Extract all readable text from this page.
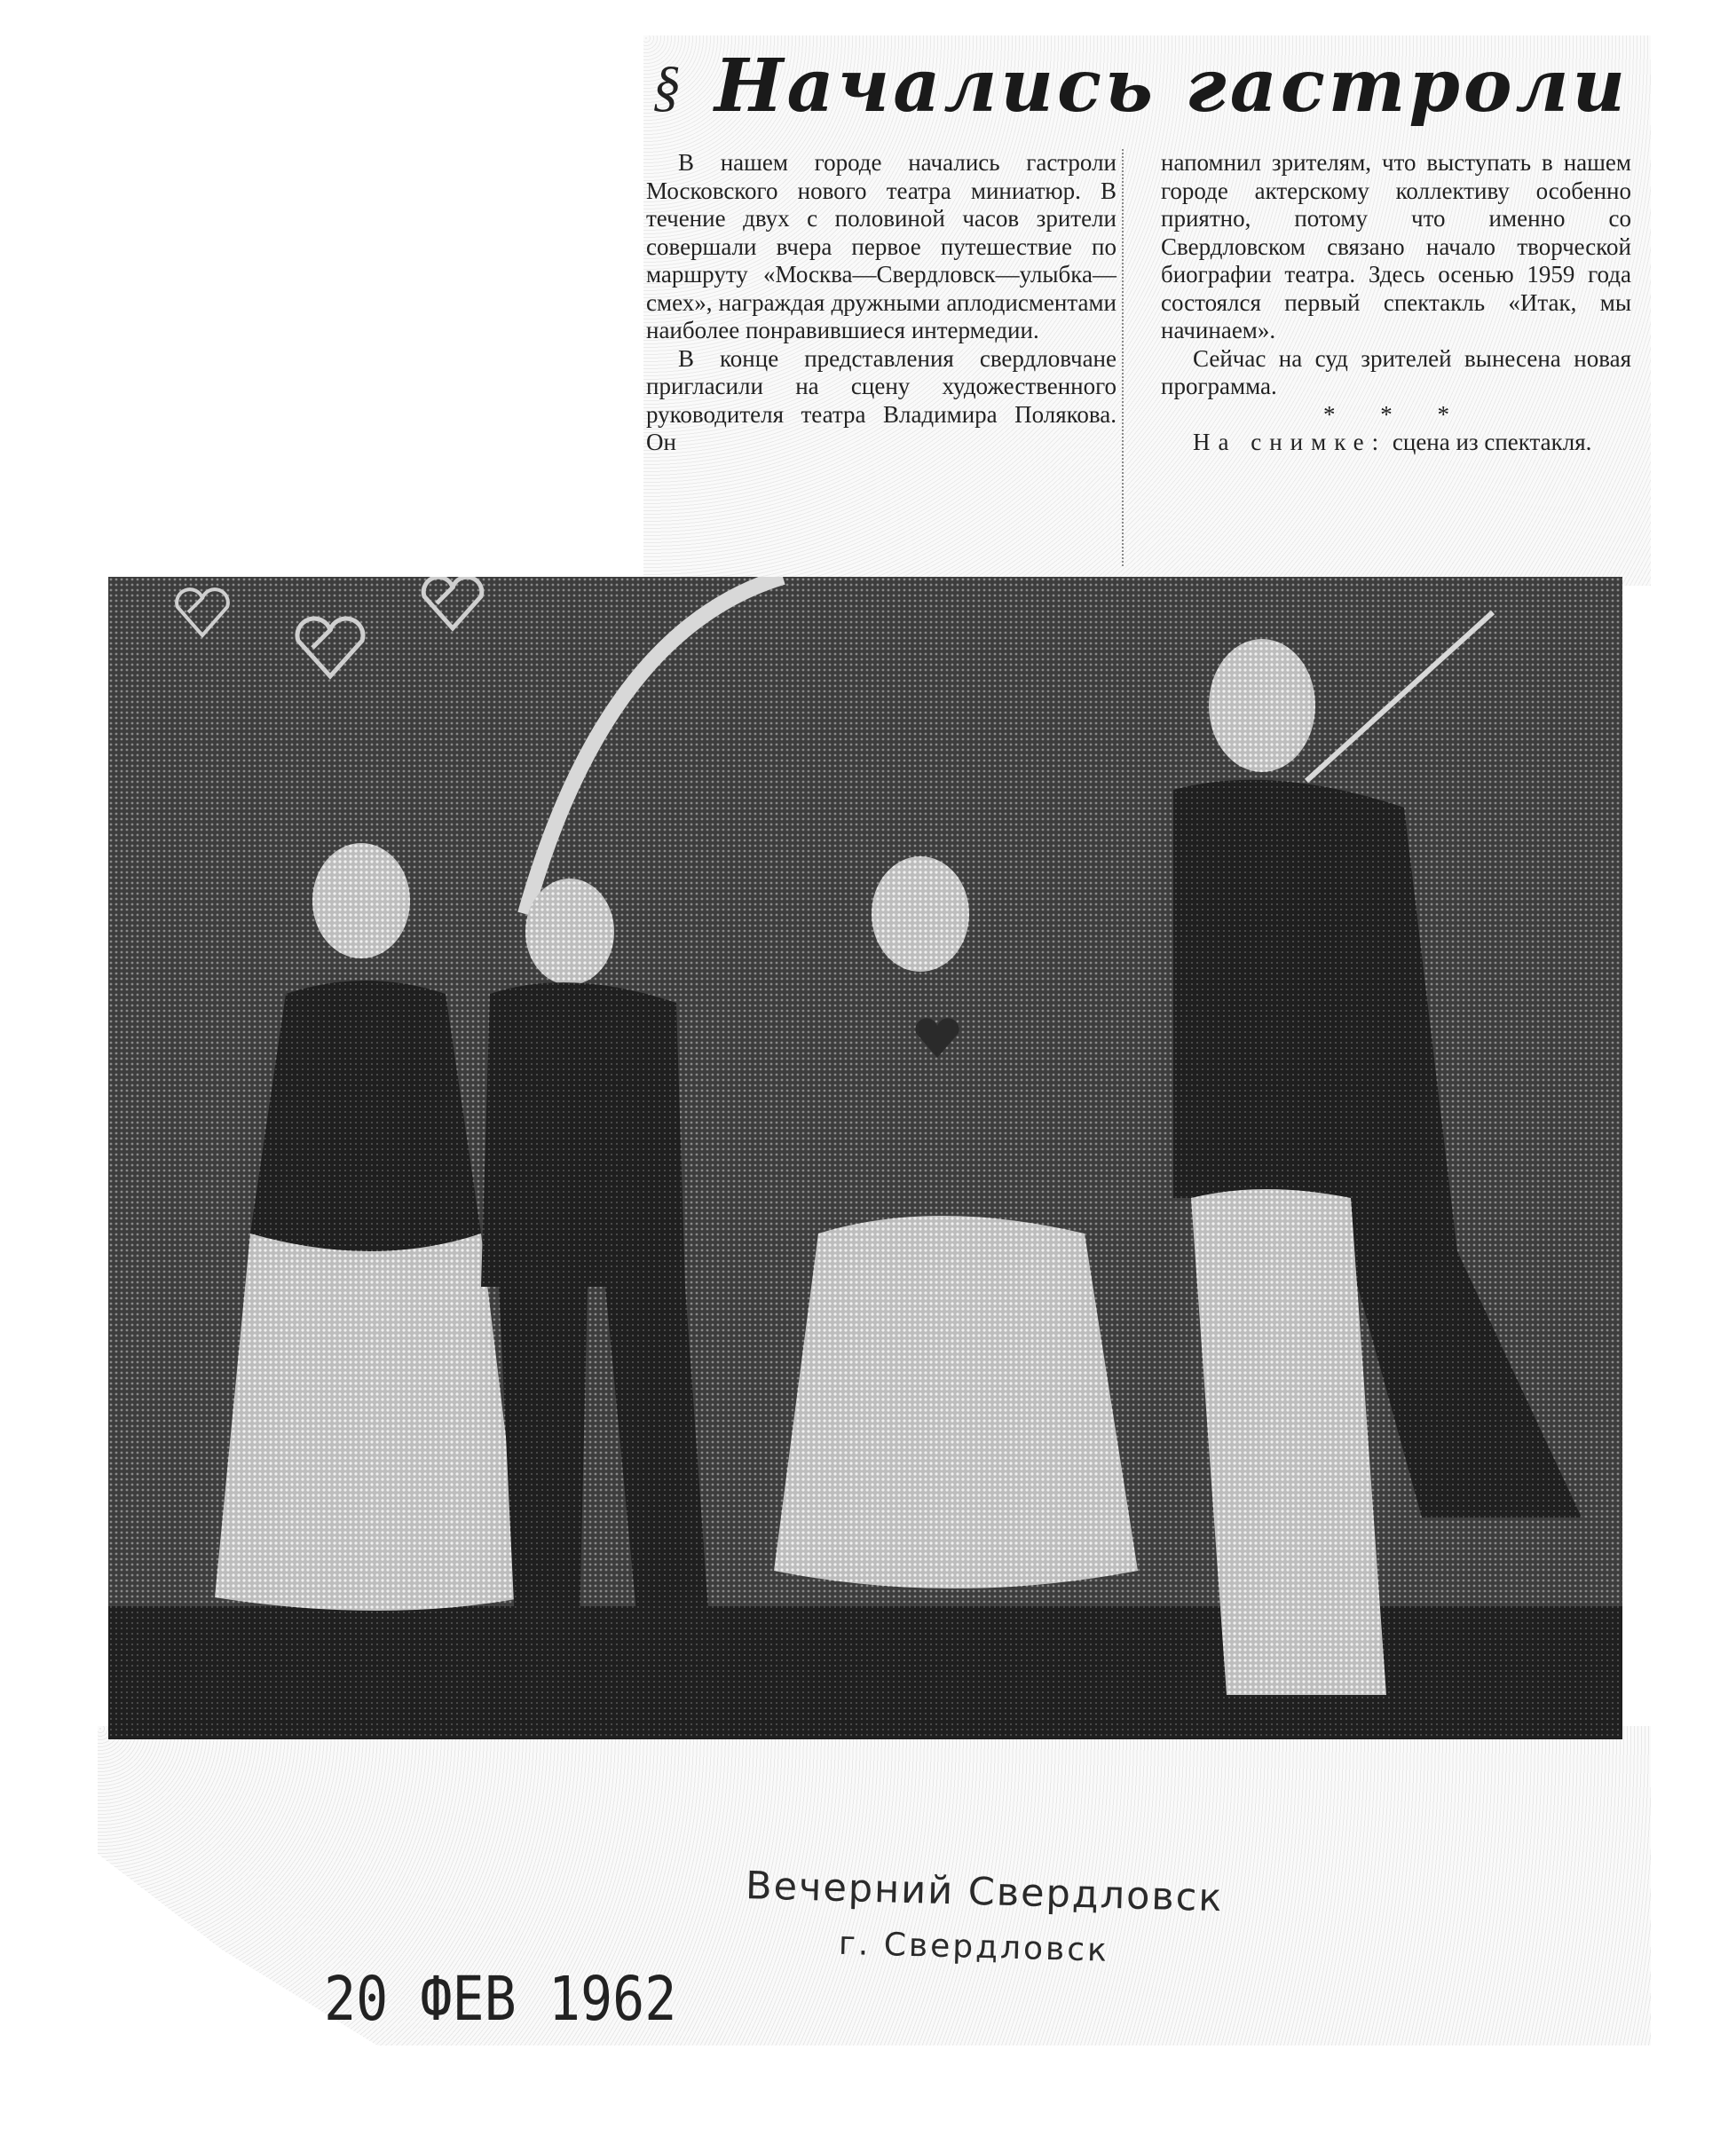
§ Начались гастроли

В нашем городе начались гастроли Московского нового театра миниатюр. В течение двух с половиной часов зрители совершали вчера первое путешествие по маршруту «Москва—Свердловск—улыбка—смех», награждая дружными аплодисментами наиболее понравившиеся интермедии.

В конце представления свердловчане пригласили на сцену художественного руководителя театра Владимира Полякова. Он

напомнил зрителям, что выступать в нашем городе актерскому коллективу особенно приятно, потому что именно со Свердловском связано начало творческой биографии театра. Здесь осенью 1959 года состоялся первый спектакль «Итак, мы начинаем».

Сейчас на суд зрителей вынесена новая программа.

* * *

На снимке: сцена из спектакля.

Вечерний Свердловск
г. Свердловск
20 ФЕВ 1962
